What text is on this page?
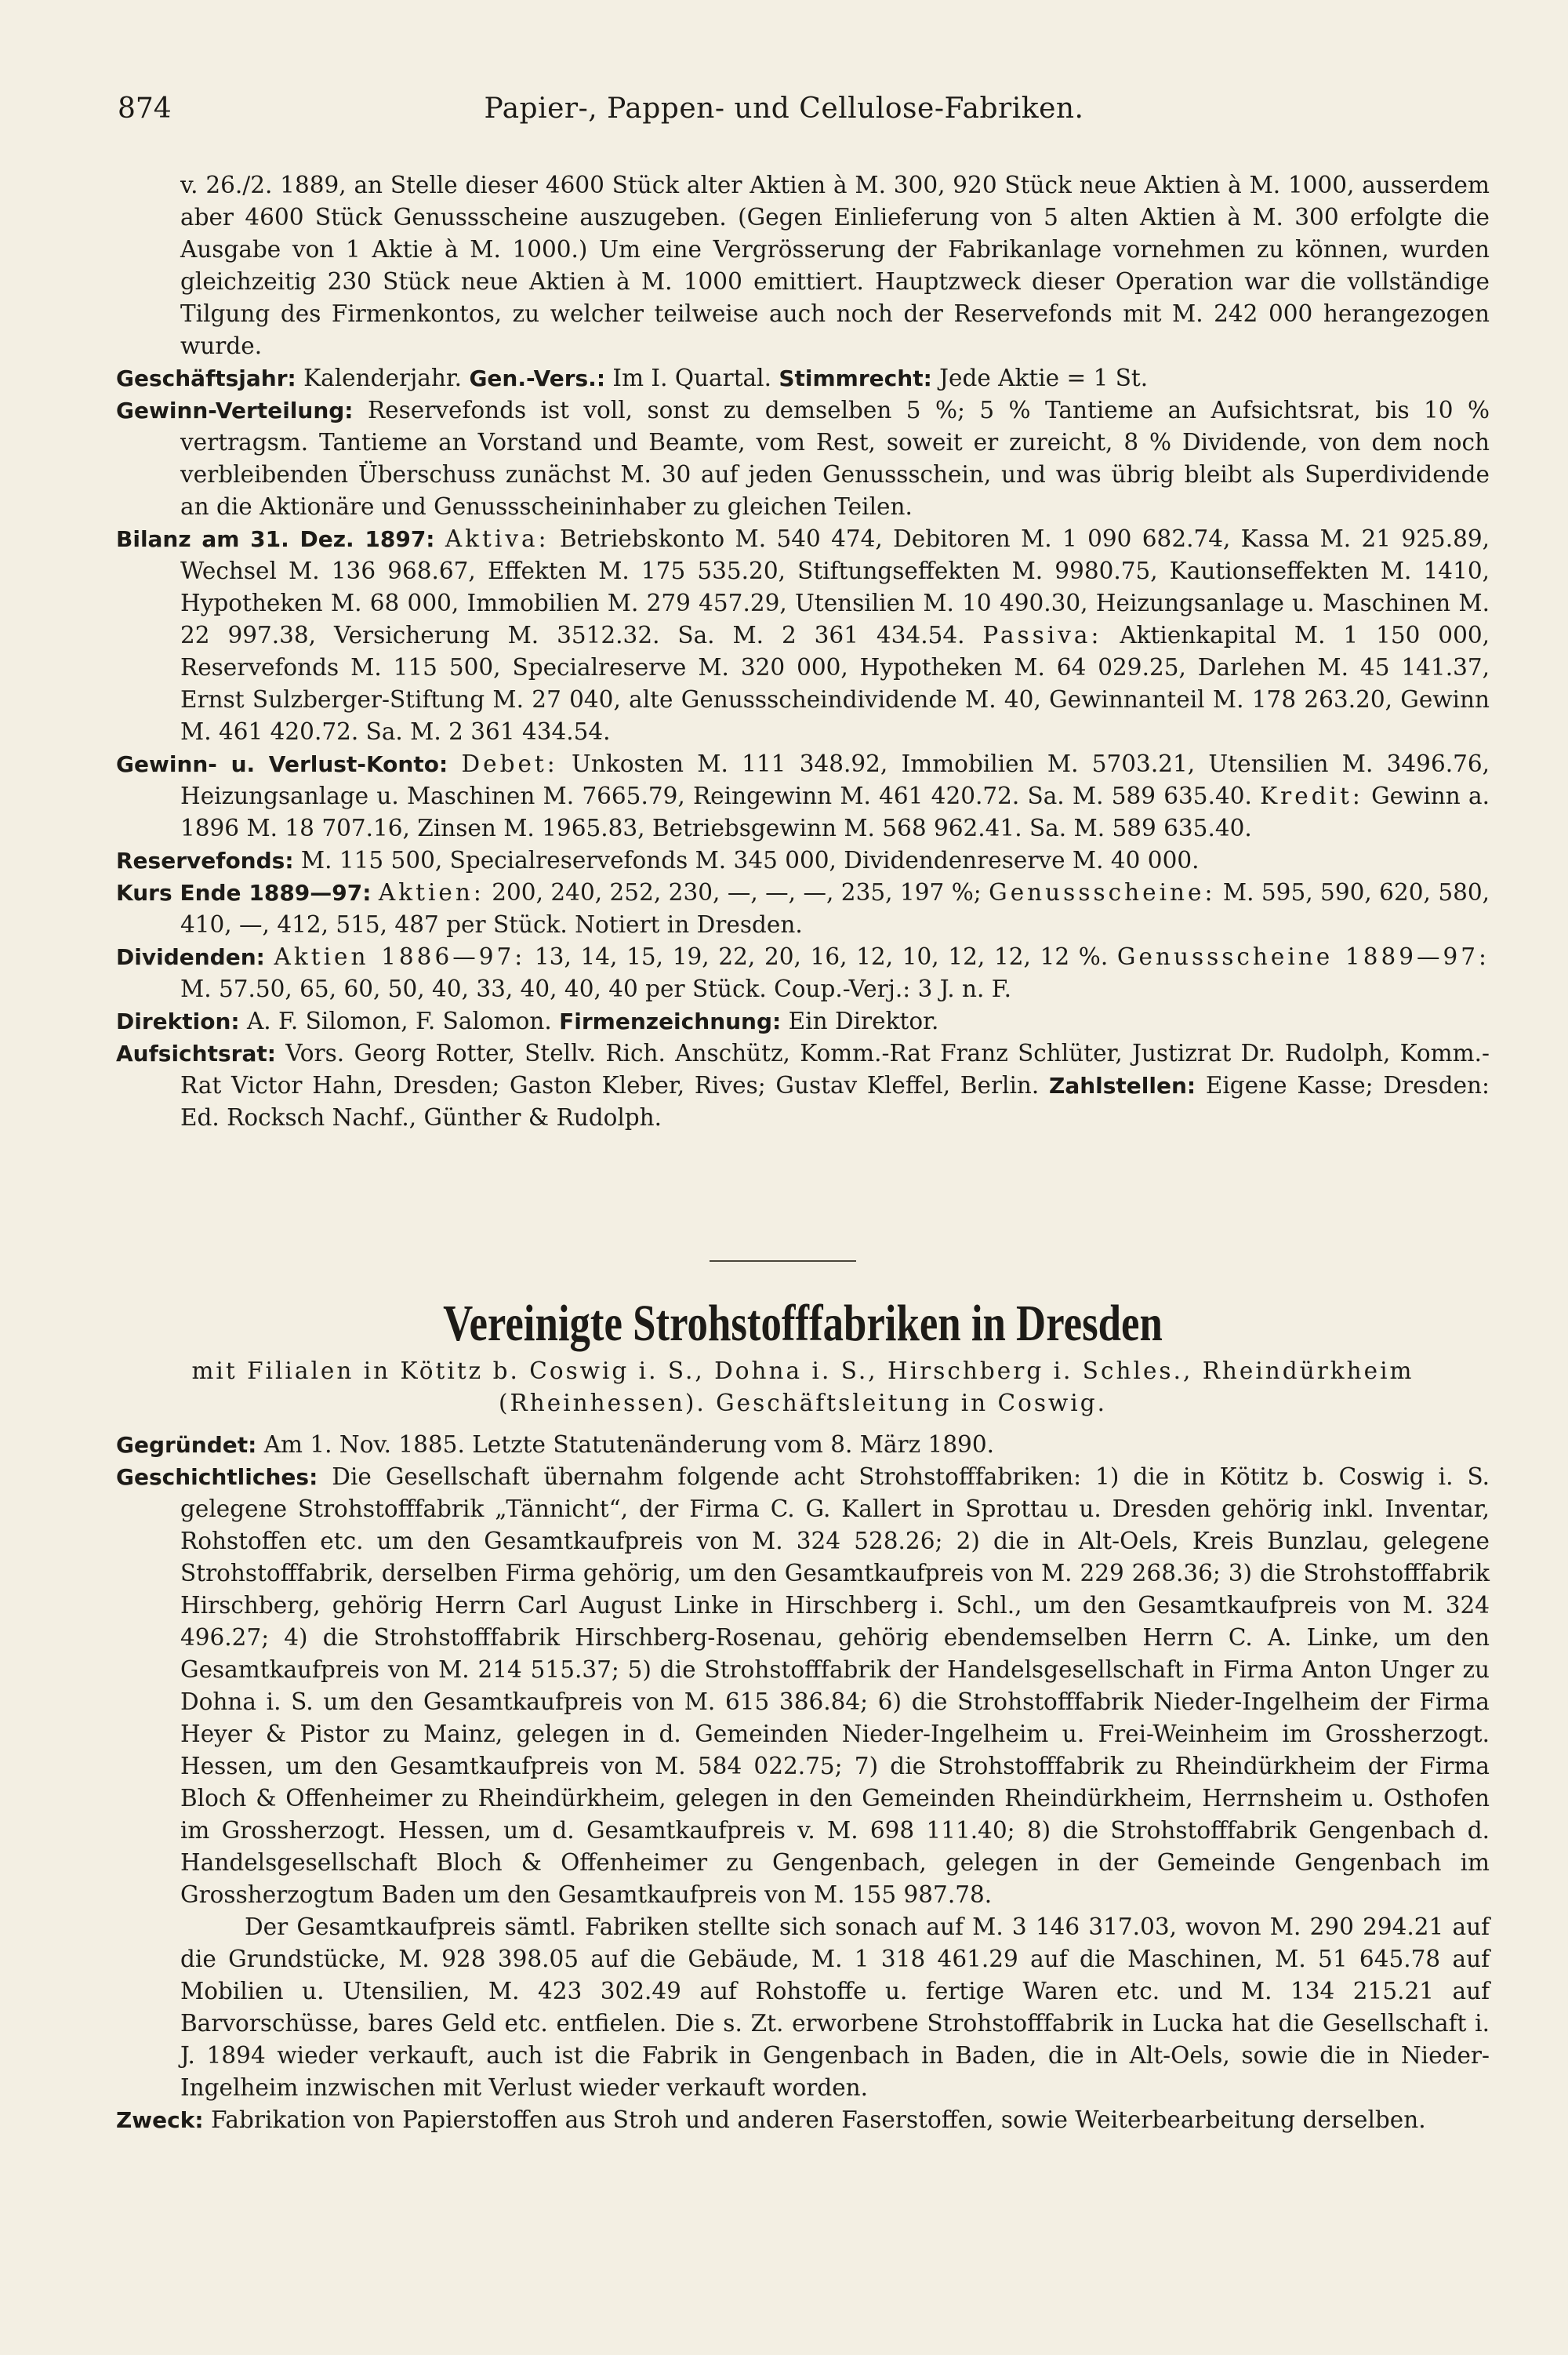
874	Papier-, Pappen- und Cellulose-Fabriken.

v. 26./2. 1889, an Stelle dieser 4600 Stück alter Aktien à M. 300, 920 Stück neue Aktien à M. 1000, ausserdem aber 4600 Stück Genussscheine auszugeben. (Gegen Einlieferung von 5 alten Aktien à M. 300 erfolgte die Ausgabe von 1 Aktie à M. 1000.) Um eine Vergrösserung der Fabrikanlage vornehmen zu können, wurden gleichzeitig 230 Stück neue Aktien à M. 1000 emittiert. Hauptzweck dieser Operation war die vollständige Tilgung des Firmenkontos, zu welcher teilweise auch noch der Reservefonds mit M. 242 000 herangezogen wurde.

Geschäftsjahr: Kalenderjahr. Gen.-Vers.: Im I. Quartal. Stimmrecht: Jede Aktie = 1 St.

Gewinn-Verteilung: Reservefonds ist voll, sonst zu demselben 5 %; 5 % Tantieme an Aufsichtsrat, bis 10 % vertragsm. Tantieme an Vorstand und Beamte, vom Rest, soweit er zureicht, 8 % Dividende, von dem noch verbleibenden Überschuss zunächst M. 30 auf jeden Genussschein, und was übrig bleibt als Superdividende an die Aktionäre und Genussscheininhaber zu gleichen Teilen.

Bilanz am 31. Dez. 1897: Aktiva: Betriebskonto M. 540 474, Debitoren M. 1 090 682.74, Kassa M. 21 925.89, Wechsel M. 136 968.67, Effekten M. 175 535.20, Stiftungseffekten M. 9980.75, Kautionseffekten M. 1410, Hypotheken M. 68 000, Immobilien M. 279 457.29, Utensilien M. 10 490.30, Heizungsanlage u. Maschinen M. 22 997.38, Versicherung M. 3512.32. Sa. M. 2 361 434.54. Passiva: Aktienkapital M. 1 150 000, Reservefonds M. 115 500, Specialreserve M. 320 000, Hypotheken M. 64 029.25, Darlehen M. 45 141.37, Ernst Sulzberger-Stiftung M. 27 040, alte Genussscheindividende M. 40, Gewinnanteil M. 178 263.20, Gewinn M. 461 420.72. Sa. M. 2 361 434.54.

Gewinn- u. Verlust-Konto: Debet: Unkosten M. 111 348.92, Immobilien M. 5703.21, Utensilien M. 3496.76, Heizungsanlage u. Maschinen M. 7665.79, Reingewinn M. 461 420.72. Sa. M. 589 635.40. Kredit: Gewinn a. 1896 M. 18 707.16, Zinsen M. 1965.83, Betriebsgewinn M. 568 962.41. Sa. M. 589 635.40.

Reservefonds: M. 115 500, Specialreservefonds M. 345 000, Dividendenreserve M. 40 000.

Kurs Ende 1889—97: Aktien: 200, 240, 252, 230, —, —, —, 235, 197 %; Genussscheine: M. 595, 590, 620, 580, 410, —, 412, 515, 487 per Stück. Notiert in Dresden.

Dividenden: Aktien 1886—97: 13, 14, 15, 19, 22, 20, 16, 12, 10, 12, 12, 12 %. Genussscheine 1889—97: M. 57.50, 65, 60, 50, 40, 33, 40, 40, 40 per Stück. Coup.-Verj.: 3 J. n. F.

Direktion: A. F. Silomon, F. Salomon. Firmenzeichnung: Ein Direktor.

Aufsichtsrat: Vors. Georg Rotter, Stellv. Rich. Anschütz, Komm.-Rat Franz Schlüter, Justizrat Dr. Rudolph, Komm.-Rat Victor Hahn, Dresden; Gaston Kleber, Rives; Gustav Kleffel, Berlin. Zahlstellen: Eigene Kasse; Dresden: Ed. Rocksch Nachf., Günther & Rudolph.

Vereinigte Strohstofffabriken in Dresden
mit Filialen in Kötitz b. Coswig i. S., Dohna i. S., Hirschberg i. Schles., Rheindürkheim (Rheinhessen). Geschäftsleitung in Coswig.

Gegründet: Am 1. Nov. 1885. Letzte Statutenänderung vom 8. März 1890.

Geschichtliches: Die Gesellschaft übernahm folgende acht Strohstofffabriken: 1) die in Kötitz b. Coswig i. S. gelegene Strohstofffabrik „Tännicht“, der Firma C. G. Kallert in Sprottau u. Dresden gehörig inkl. Inventar, Rohstoffen etc. um den Gesamtkaufpreis von M. 324 528.26; 2) die in Alt-Oels, Kreis Bunzlau, gelegene Strohstofffabrik, derselben Firma gehörig, um den Gesamtkaufpreis von M. 229 268.36; 3) die Strohstofffabrik Hirschberg, gehörig Herrn Carl August Linke in Hirschberg i. Schl., um den Gesamtkaufpreis von M. 324 496.27; 4) die Strohstofffabrik Hirschberg-Rosenau, gehörig ebendemselben Herrn C. A. Linke, um den Gesamtkaufpreis von M. 214 515.37; 5) die Strohstofffabrik der Handelsgesellschaft in Firma Anton Unger zu Dohna i. S. um den Gesamtkaufpreis von M. 615 386.84; 6) die Strohstofffabrik Nieder-Ingelheim der Firma Heyer & Pistor zu Mainz, gelegen in d. Gemeinden Nieder-Ingelheim u. Frei-Weinheim im Grossherzogt. Hessen, um den Gesamtkaufpreis von M. 584 022.75; 7) die Strohstofffabrik zu Rheindürkheim der Firma Bloch & Offenheimer zu Rheindürkheim, gelegen in den Gemeinden Rheindürkheim, Herrnsheim u. Osthofen im Grossherzogt. Hessen, um d. Gesamtkaufpreis v. M. 698 111.40; 8) die Strohstofffabrik Gengenbach d. Handelsgesellschaft Bloch & Offenheimer zu Gengenbach, gelegen in der Gemeinde Gengenbach im Grossherzogtum Baden um den Gesamtkaufpreis von M. 155 987.78.

Der Gesamtkaufpreis sämtl. Fabriken stellte sich sonach auf M. 3 146 317.03, wovon M. 290 294.21 auf die Grundstücke, M. 928 398.05 auf die Gebäude, M. 1 318 461.29 auf die Maschinen, M. 51 645.78 auf Mobilien u. Utensilien, M. 423 302.49 auf Rohstoffe u. fertige Waren etc. und M. 134 215.21 auf Barvorschüsse, bares Geld etc. entfielen. Die s. Zt. erworbene Strohstofffabrik in Lucka hat die Gesellschaft i. J. 1894 wieder verkauft, auch ist die Fabrik in Gengenbach in Baden, die in Alt-Oels, sowie die in Nieder-Ingelheim inzwischen mit Verlust wieder verkauft worden.

Zweck: Fabrikation von Papierstoffen aus Stroh und anderen Faserstoffen, sowie Weiterbearbeitung derselben.
